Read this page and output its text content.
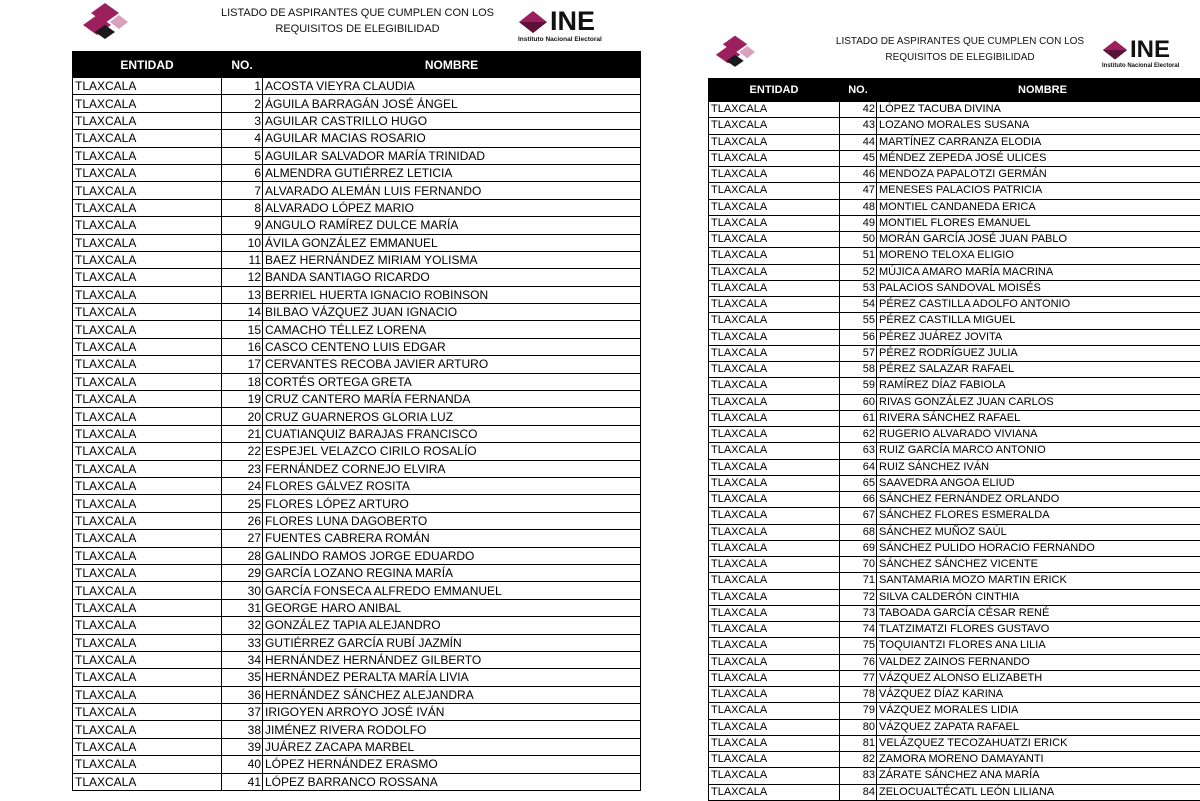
LISTADO DE ASPIRANTES QUE CUMPLEN CON LOS
REQUISITOS DE ELEGIBILIDAD	INE
Instituto Nacional Electoral
ENTIDAD	NO.	NOMBRE
TLAXCALA	1	ACOSTA VIEYRA CLAUDIA
TLAXCALA	2	ÁGUILA BARRAGÁN JOSÉ ÁNGEL
TLAXCALA	3	AGUILAR CASTRILLO HUGO
TLAXCALA	4	AGUILAR MACIAS ROSARIO
TLAXCALA	5	AGUILAR SALVADOR MARÍA TRINIDAD
TLAXCALA	6	ALMENDRA GUTIÉRREZ LETICIA
TLAXCALA	7	ALVARADO ALEMÁN LUIS FERNANDO
TLAXCALA	8	ALVARADO LÓPEZ MARIO
TLAXCALA	9	ANGULO RAMÍREZ DULCE MARÍA
TLAXCALA	10	ÁVILA GONZÁLEZ EMMANUEL
TLAXCALA	11	BAEZ HERNÁNDEZ MIRIAM YOLISMA
TLAXCALA	12	BANDA SANTIAGO RICARDO
TLAXCALA	13	BERRIEL HUERTA IGNACIO ROBINSON
TLAXCALA	14	BILBAO VÁZQUEZ JUAN IGNACIO
TLAXCALA	15	CAMACHO TÉLLEZ LORENA
TLAXCALA	16	CASCO CENTENO LUIS EDGAR
TLAXCALA	17	CERVANTES RECOBA JAVIER ARTURO
TLAXCALA	18	CORTÉS ORTEGA GRETA
TLAXCALA	19	CRUZ CANTERO MARÍA FERNANDA
TLAXCALA	20	CRUZ GUARNEROS GLORIA LUZ
TLAXCALA	21	CUATIANQUIZ BARAJAS FRANCISCO
TLAXCALA	22	ESPEJEL VELAZCO CIRILO ROSALÍO
TLAXCALA	23	FERNÁNDEZ CORNEJO ELVIRA
TLAXCALA	24	FLORES GÁLVEZ ROSITA
TLAXCALA	25	FLORES LÓPEZ ARTURO
TLAXCALA	26	FLORES LUNA DAGOBERTO
TLAXCALA	27	FUENTES CABRERA ROMÁN
TLAXCALA	28	GALINDO RAMOS JORGE EDUARDO
TLAXCALA	29	GARCÍA LOZANO REGINA MARÍA
TLAXCALA	30	GARCÍA FONSECA ALFREDO EMMANUEL
TLAXCALA	31	GEORGE HARO ANIBAL
TLAXCALA	32	GONZÁLEZ TAPIA ALEJANDRO
TLAXCALA	33	GUTIÉRREZ GARCÍA RUBÍ JAZMÍN
TLAXCALA	34	HERNÁNDEZ HERNÁNDEZ GILBERTO
TLAXCALA	35	HERNÁNDEZ PERALTA MARÍA LIVIA
TLAXCALA	36	HERNÁNDEZ SÁNCHEZ ALEJANDRA
TLAXCALA	37	IRIGOYEN ARROYO JOSÉ IVÁN
TLAXCALA	38	JIMÉNEZ RIVERA RODOLFO
TLAXCALA	39	JUÁREZ ZACAPA MARBEL
TLAXCALA	40	LÓPEZ HERNÁNDEZ ERASMO
TLAXCALA	41	LÓPEZ BARRANCO ROSSANA
LISTADO DE ASPIRANTES QUE CUMPLEN CON LOS
REQUISITOS DE ELEGIBILIDAD	INE
Instituto Nacional Electoral
ENTIDAD	NO.	NOMBRE
TLAXCALA	42	LÓPEZ TACUBA DIVINA
TLAXCALA	43	LOZANO MORALES SUSANA
TLAXCALA	44	MARTÍNEZ CARRANZA ELODIA
TLAXCALA	45	MÉNDEZ ZEPEDA JOSÉ ULICES
TLAXCALA	46	MENDOZA PAPALOTZI GERMÁN
TLAXCALA	47	MENESES PALACIOS PATRICIA
TLAXCALA	48	MONTIEL CANDANEDA ERICA
TLAXCALA	49	MONTIEL FLORES EMANUEL
TLAXCALA	50	MORÁN GARCÍA JOSÉ JUAN PABLO
TLAXCALA	51	MORENO TELOXA ELIGIO
TLAXCALA	52	MÚJICA AMARO MARÍA MACRINA
TLAXCALA	53	PALACIOS SANDOVAL MOISÉS
TLAXCALA	54	PÉREZ CASTILLA ADOLFO ANTONIO
TLAXCALA	55	PÉREZ CASTILLA MIGUEL
TLAXCALA	56	PÉREZ JUÁREZ JOVITA
TLAXCALA	57	PÉREZ RODRÍGUEZ JULIA
TLAXCALA	58	PÉREZ SALAZAR RAFAEL
TLAXCALA	59	RAMÍREZ DÍAZ FABIOLA
TLAXCALA	60	RIVAS GONZÁLEZ JUAN CARLOS
TLAXCALA	61	RIVERA SÁNCHEZ RAFAEL
TLAXCALA	62	RUGERIO ALVARADO VIVIANA
TLAXCALA	63	RUIZ GARCÍA MARCO ANTONIO
TLAXCALA	64	RUIZ SÁNCHEZ IVÁN
TLAXCALA	65	SAAVEDRA ANGOA ELIUD
TLAXCALA	66	SÁNCHEZ FERNÁNDEZ ORLANDO
TLAXCALA	67	SÁNCHEZ FLORES ESMERALDA
TLAXCALA	68	SÁNCHEZ MUÑOZ SAÚL
TLAXCALA	69	SÁNCHEZ PULIDO HORACIO FERNANDO
TLAXCALA	70	SÁNCHEZ SÁNCHEZ VICENTE
TLAXCALA	71	SANTAMARIA MOZO MARTIN ERICK
TLAXCALA	72	SILVA CALDERÓN CINTHIA
TLAXCALA	73	TABOADA GARCÍA CÉSAR RENÉ
TLAXCALA	74	TLATZIMATZI FLORES GUSTAVO
TLAXCALA	75	TOQUIANTZI FLORES ANA LILIA
TLAXCALA	76	VALDEZ ZAINOS FERNANDO
TLAXCALA	77	VÁZQUEZ ALONSO ELIZABETH
TLAXCALA	78	VÁZQUEZ DÍAZ KARINA
TLAXCALA	79	VÁZQUEZ MORALES LIDIA
TLAXCALA	80	VÁZQUEZ ZAPATA RAFAEL
TLAXCALA	81	VELÁZQUEZ TECOZAHUATZI ERICK
TLAXCALA	82	ZAMORA MORENO DAMAYANTI
TLAXCALA	83	ZÁRATE SÁNCHEZ ANA MARÍA
TLAXCALA	84	ZELOCUALTÉCATL LEÓN LILIANA
